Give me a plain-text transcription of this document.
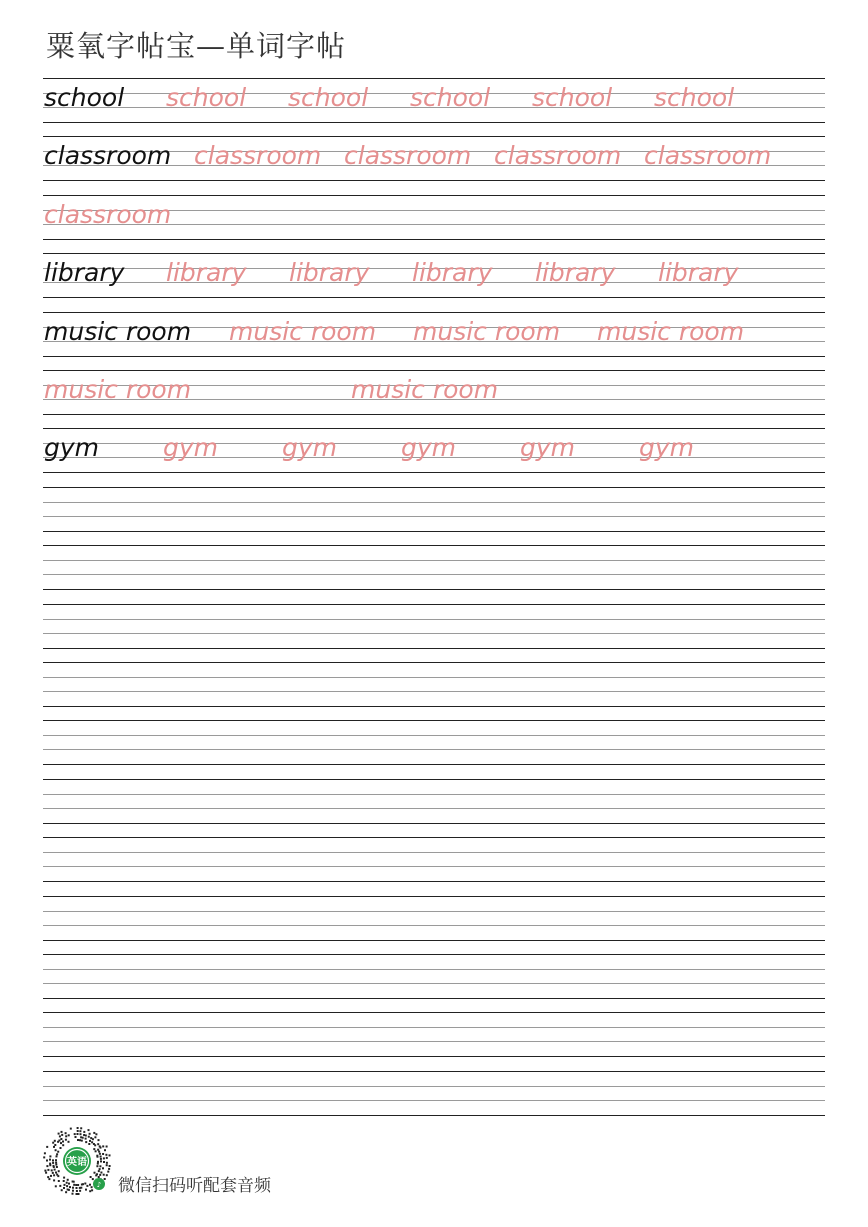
粟氧字帖宝—单词字帖
school school school school school school
classroom classroom classroom classroom classroom
classroom
library library library library library library
music room music room music room music room
music room	music room
gym	gym	gym	gym	gym	gym
英语
♪ 微信扫码听配套音频
